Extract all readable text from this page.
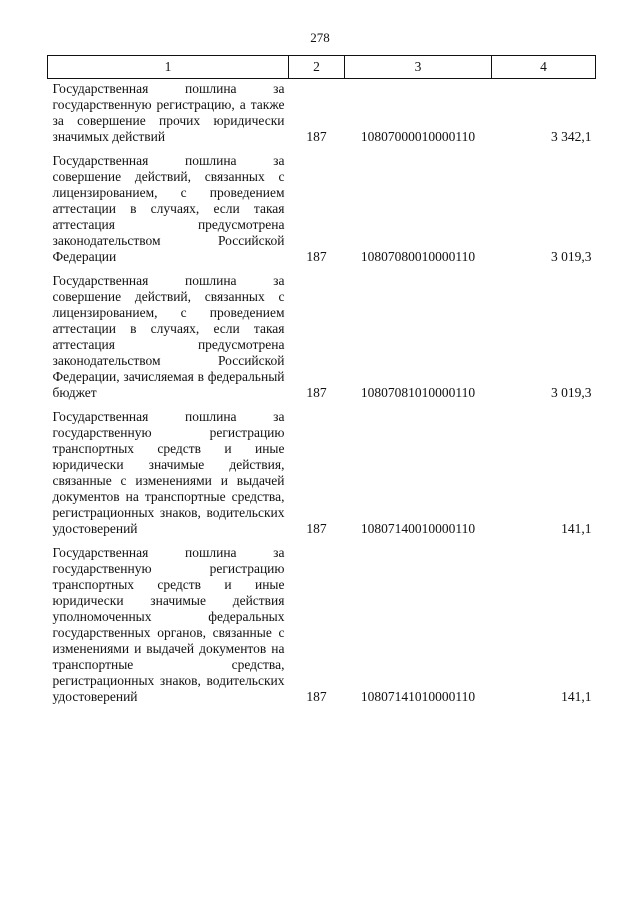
278
1	2	3	4
Государственная пошлина за государственную регистрацию, а также за совершение прочих юридически значимых действий	187	10807000010000110	3 342,1
Государственная пошлина за совершение действий, связанных с лицензированием, с проведением аттестации в случаях, если такая аттестация предусмотрена законодательством Российской Федерации	187	10807080010000110	3 019,3
Государственная пошлина за совершение действий, связанных с лицензированием, с проведением аттестации в случаях, если такая аттестация предусмотрена законодательством Российской Федерации, зачисляемая в федеральный бюджет	187	10807081010000110	3 019,3
Государственная пошлина за государственную регистрацию транспортных средств и иные юридически значимые действия, связанные с изменениями и выдачей документов на транспортные средства, регистрационных знаков, водительских удостоверений	187	10807140010000110	141,1
Государственная пошлина за государственную регистрацию транспортных средств и иные юридически значимые действия уполномоченных федеральных государственных органов, связанные с изменениями и выдачей документов на транспортные средства, регистрационных знаков, водительских удостоверений	187	10807141010000110	141,1
